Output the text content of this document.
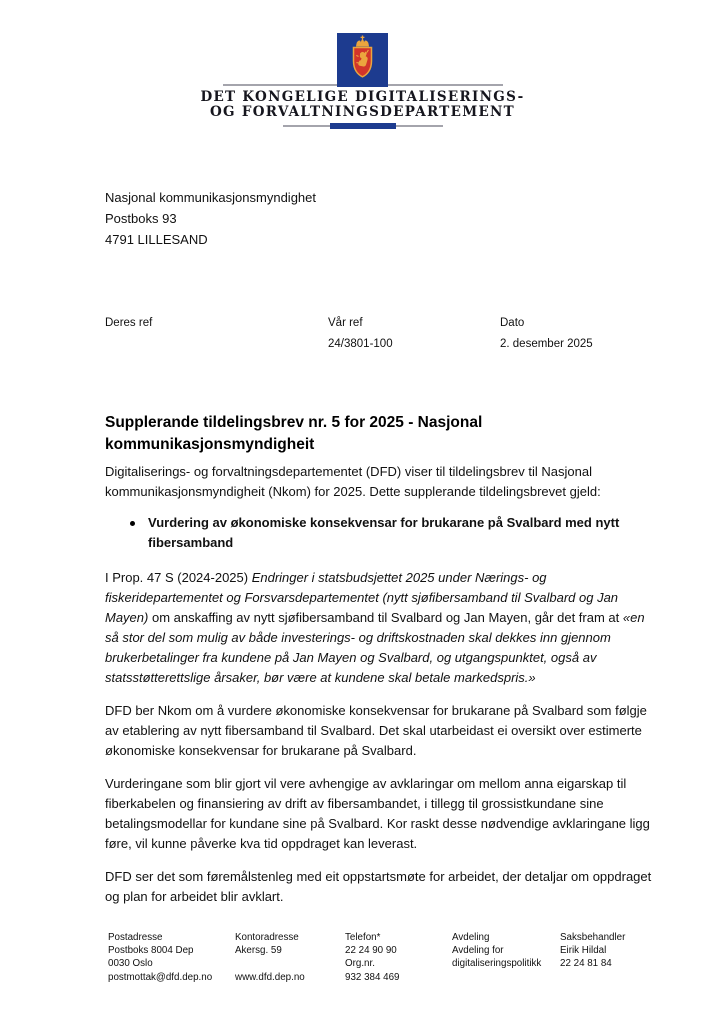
DET KONGELIGE DIGITALISERINGS-
OG FORVALTNINGSDEPARTEMENT
Nasjonal kommunikasjonsmyndighet
Postboks 93
4791 LILLESAND
Deres ref	Vår ref
24/3801-100
Dato
2. desember 2025
Supplerande tildelingsbrev nr. 5 for 2025 - Nasjonal kommunikasjonsmyndigheit

Digitaliserings- og forvaltningsdepartementet (DFD) viser til tildelingsbrev til Nasjonal kommunikasjonsmyndigheit (Nkom) for 2025. Dette supplerande tildelingsbrevet gjeld:

Vurdering av økonomiske konsekvensar for brukarane på Svalbard med nytt fibersamband

I Prop. 47 S (2024-2025) Endringer i statsbudsjettet 2025 under Nærings- og fiskeridepartementet og Forsvarsdepartementet (nytt sjøfibersamband til Svalbard og Jan Mayen) om anskaffing av nytt sjøfibersamband til Svalbard og Jan Mayen, går det fram at «en så stor del som mulig av både investerings- og driftskostnaden skal dekkes inn gjennom brukerbetalinger fra kundene på Jan Mayen og Svalbard, og utgangspunktet, også av statsstøtterettslige årsaker, bør være at kundene skal betale markedspris.»

DFD ber Nkom om å vurdere økonomiske konsekvensar for brukarane på Svalbard som følgje av etablering av nytt fibersamband til Svalbard. Det skal utarbeidast ei oversikt over estimerte økonomiske konsekvensar for brukarane på Svalbard.

Vurderingane som blir gjort vil vere avhengige av avklaringar om mellom anna eigarskap til fiberkabelen og finansiering av drift av fibersambandet, i tillegg til grossistkundane sine betalingsmodellar for kundane sine på Svalbard. Kor raskt desse nødvendige avklaringane ligg føre, vil kunne påverke kva tid oppdraget kan leverast.

DFD ser det som føremålstenleg med eit oppstartsmøte for arbeidet, der detaljar om oppdraget og plan for arbeidet blir avklart.

Postadresse
Postboks 8004 Dep
0030 Oslo
postmottak@dfd.dep.no
Kontoradresse
Akersg. 59
www.dfd.dep.no
Telefon*
22 24 90 90
Org.nr.
932 384 469
Avdeling
Avdeling for
digitaliseringspolitikk
Saksbehandler
Eirik Hildal
22 24 81 84
